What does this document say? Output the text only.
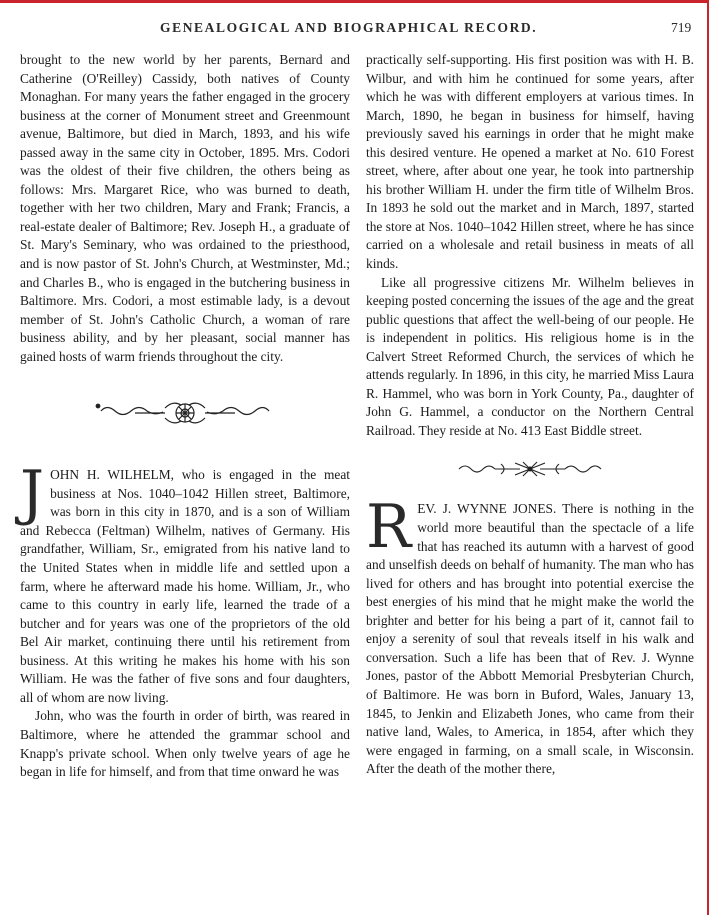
GENEALOGICAL AND BIOGRAPHICAL RECORD.	719

brought to the new world by her parents, Bernard and Catherine (O'Reilley) Cassidy, both natives of County Monaghan. For many years the father engaged in the grocery business at the corner of Monument street and Greenmount avenue, Baltimore, but died in March, 1893, and his wife passed away in the same city in October, 1895. Mrs. Codori was the oldest of their five children, the others being as follows: Mrs. Margaret Rice, who was burned to death, together with her two children, Mary and Frank; Francis, a real-estate dealer of Baltimore; Rev. Joseph H., a graduate of St. Mary's Seminary, who was ordained to the priesthood, and is now pastor of St. John's Church, at Westminster, Md.; and Charles B., who is engaged in the butchering business in Baltimore. Mrs. Codori, a most estimable lady, is a devout member of St. John's Catholic Church, a woman of rare business ability, and by her pleasant, social manner has gained hosts of warm friends throughout the city.

J OHN H. WILHELM, who is engaged in the meat business at Nos. 1040–1042 Hillen street, Baltimore, was born in this city in 1870, and is a son of William and Rebecca (Feltman) Wilhelm, natives of Germany. His grandfather, William, Sr., emigrated from his native land to the United States when in middle life and settled upon a farm, where he afterward made his home. William, Jr., who came to this country in early life, learned the trade of a butcher and for years was one of the proprietors of the old Bel Air market, continuing there until his retirement from business. At this writing he makes his home with his son William. He was the father of five sons and four daughters, all of whom are now living.

John, who was the fourth in order of birth, was reared in Baltimore, where he attended the grammar school and Knapp's private school. When only twelve years of age he began in life for himself, and from that time onward he was

practically self-supporting. His first position was with H. B. Wilbur, and with him he continued for some years, after which he was with different employers at various times. In March, 1890, he began in business for himself, having previously saved his earnings in order that he might make this desired venture. He opened a market at No. 610 Forest street, where, after about one year, he took into partnership his brother William H. under the firm title of Wilhelm Bros. In 1893 he sold out the market and in March, 1897, started the store at Nos. 1040–1042 Hillen street, where he has since carried on a wholesale and retail business in meats of all kinds.

Like all progressive citizens Mr. Wilhelm believes in keeping posted concerning the issues of the age and the great public questions that affect the well-being of our people. He is independent in politics. His religious home is in the Calvert Street Reformed Church, the services of which he attends regularly. In 1896, in this city, he married Miss Laura R. Hammel, who was born in York County, Pa., daughter of John G. Hammel, a conductor on the Northern Central Railroad. They reside at No. 413 East Biddle street.

R EV. J. WYNNE JONES. There is nothing in the world more beautiful than the spectacle of a life that has reached its autumn with a harvest of good and unselfish deeds on behalf of humanity. The man who has lived for others and has brought into potential exercise the best energies of his mind that he might make the world the brighter and better for his being a part of it, cannot fail to enjoy a serenity of soul that reveals itself in his walk and conversation. Such a life has been that of Rev. J. Wynne Jones, pastor of the Abbott Memorial Presbyterian Church, of Baltimore. He was born in Buford, Wales, January 13, 1845, to Jenkin and Elizabeth Jones, who came from their native land, Wales, to America, in 1854, after which they were engaged in farming, on a small scale, in Wisconsin. After the death of the mother there,
